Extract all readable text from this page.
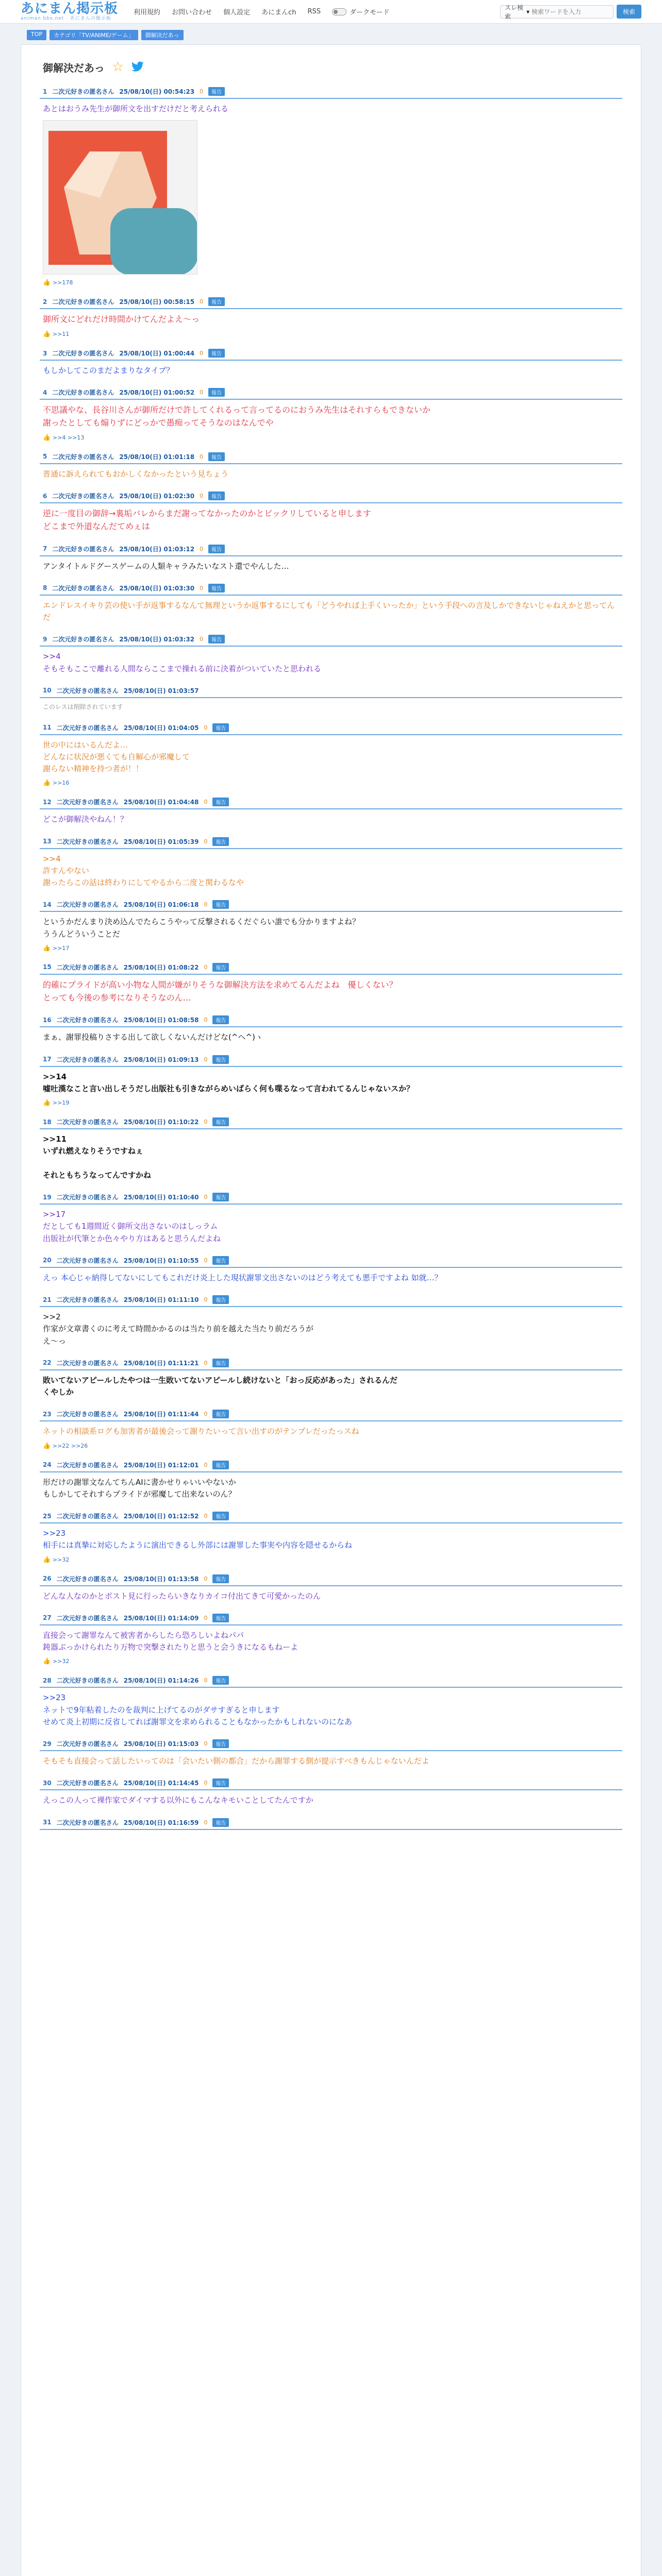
あにまん掲示板
animan bbs.net · あにまんの掲示板
利用規約 お問い合わせ 個人設定 あにまんch RSS	ダークモード
スレ検索
▾
検索ワードを入力	検索
TOP	カテゴリ「TV/ANIME/ゲーム」	御解決だあっ
御解決だあっ ☆
1 二次元好きの匿名さん 25/08/10(日) 00:54:23 0	報告
あとはおうみ先生が御所文を出すだけだと考えられる
👍 >>178
2 二次元好きの匿名さん 25/08/10(日) 00:58:15 0	報告
御所文にどれだけ時間かけてんだよえ～っ
👍 >>11
3 二次元好きの匿名さん 25/08/10(日) 01:00:44 0	報告
もしかしてこのまだよまりなタイプ？
4 二次元好きの匿名さん 25/08/10(日) 01:00:52 0	報告
不思議やな、長谷川さんが御所だけで許してくれるって言ってるのにおうみ先生はそれすらもできないか
謝ったとしても煽りずにどっかで愚痴ってそうなのはなんでや
👍 >>4 >>13
5 二次元好きの匿名さん 25/08/10(日) 01:01:18 0	報告
普通に訴えられてもおかしくなかったという見ちょう
6 二次元好きの匿名さん 25/08/10(日) 01:02:30 0	報告
逆に一度目の御辞→裏垢バレからまだ謝ってなかったのかとビックリしていると申します
どこまで外道なんだてめぇは
7 二次元好きの匿名さん 25/08/10(日) 01:03:12 0	報告
アンタイトルドグースゲームの人類キャラみたいなスト還でやんした…
8 二次元好きの匿名さん 25/08/10(日) 01:03:30 0	報告
エンドレスイキり芸の使い手が返事するなんて無理というか返事するにしても「どうやれば上手くいったか」という手段への言及しかできないじゃねえかと思ってんだ
9 二次元好きの匿名さん 25/08/10(日) 01:03:32 0	報告
>>4
そもそもここで離れる人間ならここまで操れる前に決着がついていたと思われる
10 二次元好きの匿名さん 25/08/10(日) 01:03:57
このレスは削除されています
11 二次元好きの匿名さん 25/08/10(日) 01:04:05 0	報告
世の中にはいるんだよ…
どんなに状況が悪くても自解心が邪魔して
謝らない精神を持つ者が！！
👍 >>16
12 二次元好きの匿名さん 25/08/10(日) 01:04:48 0	報告
どこが御解決やねん！？
13 二次元好きの匿名さん 25/08/10(日) 01:05:39 0	報告
>>4
許すんやない
謝ったらこの話は終わりにしてやるから二度と関わるなや
14 二次元好きの匿名さん 25/08/10(日) 01:06:18 0	報告
というかだんまり決め込んでたらこうやって反撃されるくだぐらい誰でも分かりますよね？
ううんどういうことだ
👍 >>17
15 二次元好きの匿名さん 25/08/10(日) 01:08:22 0	報告
的確にプライドが高い小物な人間が嫌がりそうな御解決方法を求めてるんだよね　優しくない？
とっても今後の参考になりそうなのん…
16 二次元好きの匿名さん 25/08/10(日) 01:08:58 0	報告
まぁ、謝罪投稿りさする出して欲しくないんだけどな(^ヘ^)ヽ
17 二次元好きの匿名さん 25/08/10(日) 01:09:13 0	報告
>>14
嘘吐漢なこと言い出しそうだし出版社も引きながらめいばらく何も喋るなって言われてるんじゃないスか？
👍 >>19
18 二次元好きの匿名さん 25/08/10(日) 01:10:22 0	報告
>>11
いずれ燃えなりそうですねぇ

それともちうなってんですかね
19 二次元好きの匿名さん 25/08/10(日) 01:10:40 0	報告
>>17
だとしても1週間近く御所文出さないのはしっラム
出版社が代筆とか色々やり方はあると思うんだよね
20 二次元好きの匿名さん 25/08/10(日) 01:10:55 0	報告
えっ 本心じゃ納得してないにしてもこれだけ炎上した現状謝罪文出さないのはどう考えても悪手ですよね 如就…？
21 二次元好きの匿名さん 25/08/10(日) 01:11:10 0	報告
>>2
作家が文章書くのに考えて時間かかるのは当たり前を越えた当たり前だろうが
え～っ
22 二次元好きの匿名さん 25/08/10(日) 01:11:21 0	報告
敗いてないアピールしたやつは一生敗いてないアピールし続けないと「おっ反応があった」されるんだ
くやしか
23 二次元好きの匿名さん 25/08/10(日) 01:11:44 0	報告
ネットの相談系ログも加害者が最後会って謝りたいって言い出すのがテンプレだったっスね
👍 >>22 >>26
24 二次元好きの匿名さん 25/08/10(日) 01:12:01 0	報告
形だけの謝罪文なんてちんAIに書かせりゃいいやないか
もしかしてそれすらプライドが邪魔して出来ないのん？
25 二次元好きの匿名さん 25/08/10(日) 01:12:52 0	報告
>>23
相手には真摯に対応したように演出できるし外部には謝罪した事実や内容を隠せるからね
👍 >>32
26 二次元好きの匿名さん 25/08/10(日) 01:13:58 0	報告
どんな人なのかとポスト見に行ったらいきなりカイコ付出てきて可愛かったのん
27 二次元好きの匿名さん 25/08/10(日) 01:14:09 0	報告
直接会って謝罪なんて被害者からしたら恐ろしいよねパパ
鈍器ぶっかけられたり万物で突撃されたりと思うと会うきになるもねーよ
👍 >>32
28 二次元好きの匿名さん 25/08/10(日) 01:14:26 0	報告
>>23
ネットで9年粘着したのを裁判に上げてるのがダサすぎると申します
せめて炎上初期に反省してれば謝罪文を求められることもなかったかもしれないのになあ
29 二次元好きの匿名さん 25/08/10(日) 01:15:03 0	報告
そもそも直接会って話したいってのは「会いたい側の都合」だから謝罪する側が提示すべきもんじゃないんだよ
30 二次元好きの匿名さん 25/08/10(日) 01:14:45 0	報告
えっこの人って裸作家でダイマする以外にもこんなキモいことしてたんですか
31 二次元好きの匿名さん 25/08/10(日) 01:16:59 0	報告
